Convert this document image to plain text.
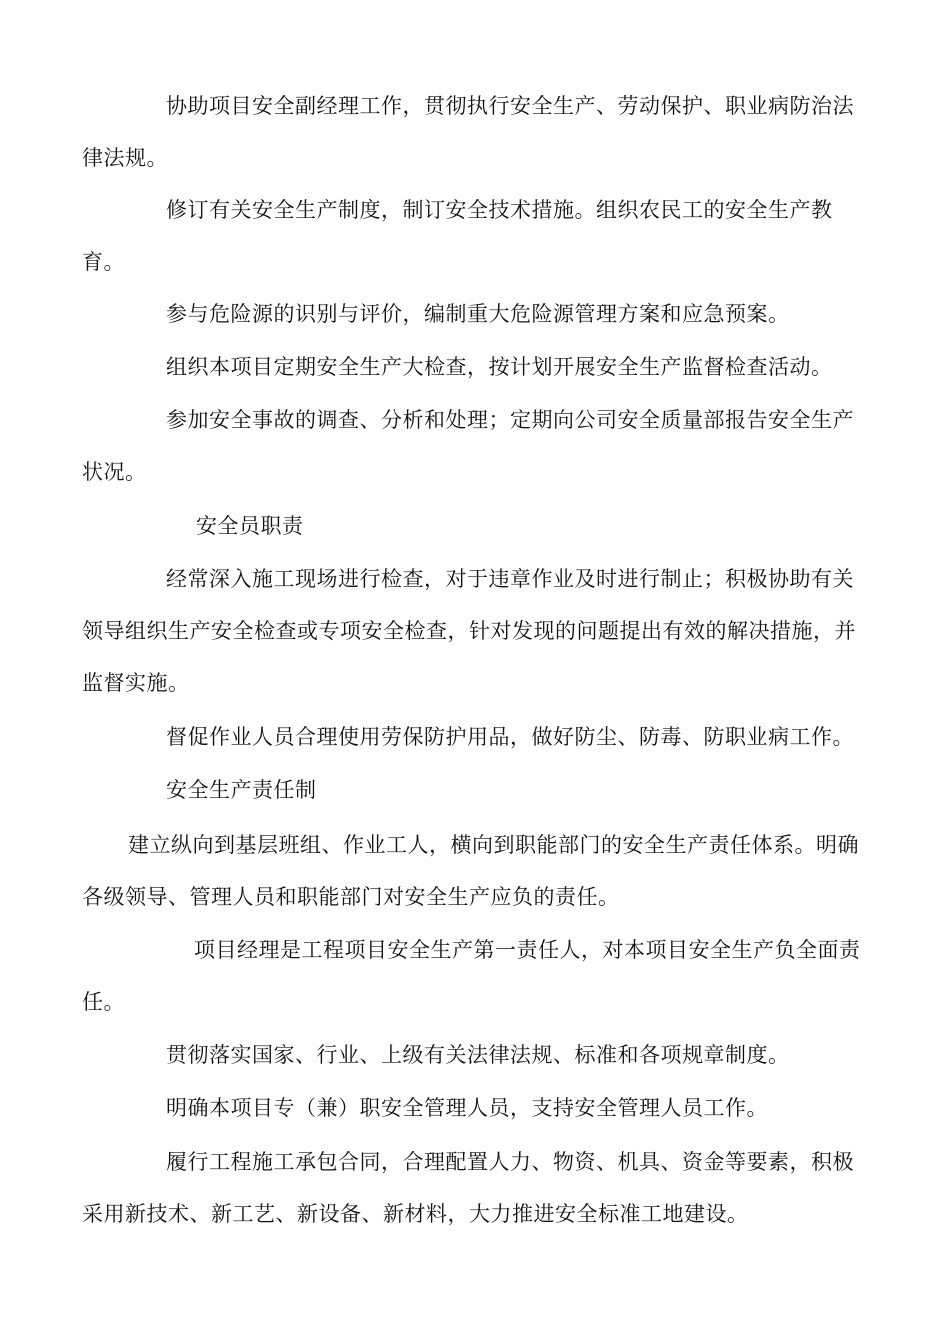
协助项目安全副经理工作，贯彻执行安全生产、劳动保护、职业病防治法律法规。
修订有关安全生产制度，制订安全技术措施。组织农民工的安全生产教育。
参与危险源的识别与评价，编制重大危险源管理方案和应急预案。
组织本项目定期安全生产大检查，按计划开展安全生产监督检查活动。
参加安全事故的调查、分析和处理；定期向公司安全质量部报告安全生产状况。
安全员职责
经常深入施工现场进行检查，对于违章作业及时进行制止；积极协助有关领导组织生产安全检查或专项安全检查，针对发现的问题提出有效的解决措施，并监督实施。
督促作业人员合理使用劳保防护用品，做好防尘、防毒、防职业病工作。
安全生产责任制
建立纵向到基层班组、作业工人，横向到职能部门的安全生产责任体系。明确各级领导、管理人员和职能部门对安全生产应负的责任。
项目经理是工程项目安全生产第一责任人，对本项目安全生产负全面责任。
贯彻落实国家、行业、上级有关法律法规、标准和各项规章制度。
明确本项目专（兼）职安全管理人员，支持安全管理人员工作。
履行工程施工承包合同，合理配置人力、物资、机具、资金等要素，积极采用新技术、新工艺、新设备、新材料，大力推进安全标准工地建设。
